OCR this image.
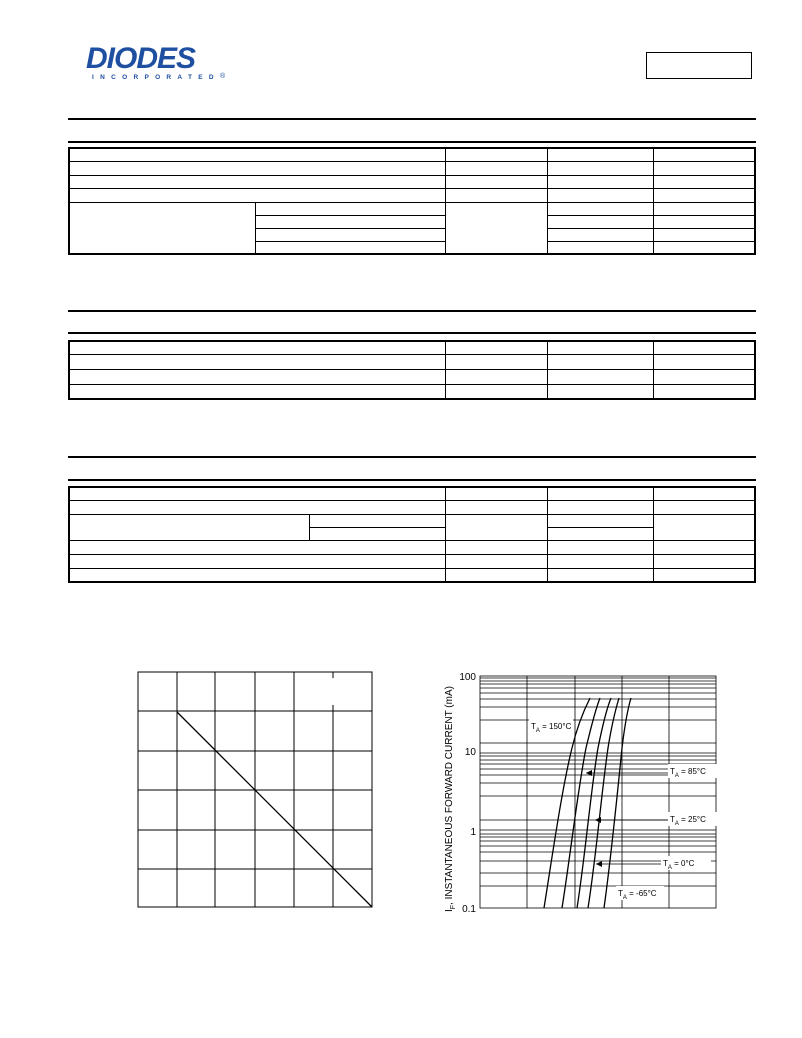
DIODES
INCORPORATED ®

$I_F$, INSTANTANEOUS FORWARD CURRENT (mA)
100
10
1
0.1
$T_A = 150^\circ C$
$T_A = 85^\circ C$
$T_A = 25^\circ C$
$T_A = 0^\circ C$
$T_A = -65^\circ C$
